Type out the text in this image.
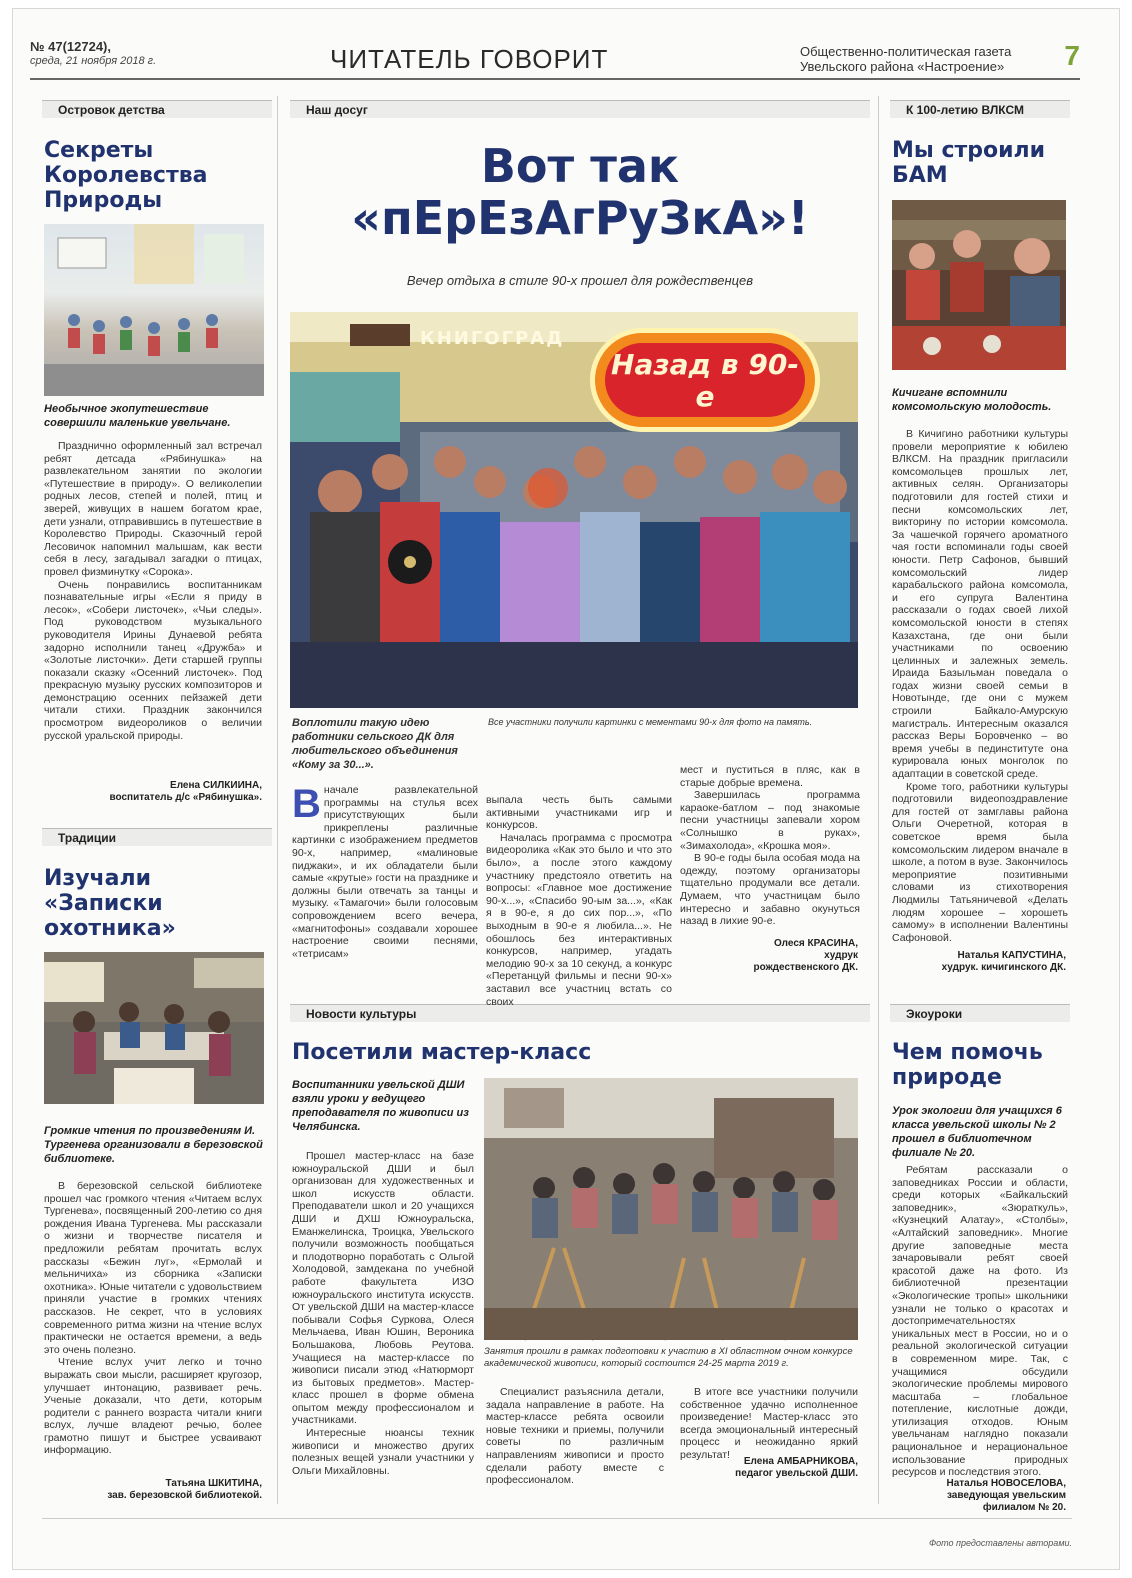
№ 47(12724),
среда, 21 ноября 2018 г.	ЧИТАТЕЛЬ ГОВОРИТ	Общественно-политическая газета
Увельского района «Настроение» 7
Островок детства	Наш досуг	К 100-летию ВЛКСМ
Традиции
Новости культуры	Экоуроки
Секреты Королевства Природы
Необычное экопутешествие совершили маленькие увельчане.

Празднично оформленный зал встречал ребят детсада «Рябинушка» на развлекательном занятии по экологии «Путешествие в природу». О великолепии родных лесов, степей и полей, птиц и зверей, живущих в нашем богатом крае, дети узнали, отправившись в путешествие в Королевство Природы. Сказочный герой Лесовичок напомнил малышам, как вести себя в лесу, загадывал загадки о птицах, провел физминутку «Сорока».

Очень понравились воспитанникам познавательные игры «Если я приду в лесок», «Собери листочек», «Чьи следы». Под руководством музыкального руководителя Ирины Дунаевой ребята задорно исполнили танец «Дружба» и «Золотые листочки». Дети старшей группы показали сказку «Осенний листочек». Под прекрасную музыку русских композиторов и демонстрацию осенних пейзажей дети читали стихи. Праздник закончился просмотром видеороликов о величии русской уральской природы.

Елена СИЛКИИНА,
воспитатель д/с «Рябинушка».
Изучали «Записки охотника»
Громкие чтения по произведениям И. Тургенева организовали в березовской библиотеке.

В березовской сельской библиотеке прошел час громкого чтения «Читаем вслух Тургенева», посвященный 200-летию со дня рождения Ивана Тургенева. Мы рассказали о жизни и творчестве писателя и предложили ребятам прочитать вслух рассказы «Бежин луг», «Ермолай и мельничиха» из сборника «Записки охотника». Юные читатели с удовольствием приняли участие в громких чтениях рассказов. Не секрет, что в условиях современного ритма жизни на чтение вслух практически не остается времени, а ведь это очень полезно.

Чтение вслух учит легко и точно выражать свои мысли, расширяет кругозор, улучшает интонацию, развивает речь. Ученые доказали, что дети, которым родители с раннего возраста читали книги вслух, лучше владеют речью, более грамотно пишут и быстрее усваивают информацию.

Татьяна ШКИТИНА,
зав. березовской библиотекой.
Вот так
«пЕрЕзАгРуЗкА»!
Вечер отдыха в стиле 90-х прошел для рождественцев
Назад в 90-е
КНИГОГРАД
Воплотили такую идею работники сельского ДК для любительского объединения «Кому за 30...».
Все участники получили картинки с мементами 90-х для фото на память.
Вначале развлекательной программы на стулья всех присутствующих были прикреплены различные картинки с изображением предметов 90-х, например, «малиновые пиджаки», и их обладатели были самые «крутые» гости на празднике и должны были отвечать за танцы и музыку. «Тамагочи» были голосовым сопровождением всего вечера, «магнитофоны» создавали хорошее настроение своими песнями, «тетрисам»

выпала честь быть самыми активными участниками игр и конкурсов.

Началась программа с просмотра видеоролика «Как это было и что это было», а после этого каждому участнику предстояло ответить на вопросы: «Главное мое достижение 90-х...», «Спасибо 90-ым за...», «Как я в 90-е, я до сих пор...», «По выходным в 90-е я любила...». Не обошлось без интерактивных конкурсов, например, угадать мелодию 90-х за 10 секунд, а конкурс «Перетанцуй фильмы и песни 90-х» заставил все участниц встать со своих

мест и пуститься в пляс, как в старые добрые времена.

Завершилась программа караоке-батлом – под знакомые песни участницы запевали хором «Солнышко в руках», «Зимахолода», «Крошка моя».

В 90-е годы была особая мода на одежду, поэтому организаторы тщательно продумали все детали. Думаем, что участницам было интересно и забавно окунуться назад в лихие 90-е.

Олеся КРАСИНА,
худрук
рождественского ДК.
Мы строили БАМ
Кичигане вспомнили комсомольскую молодость.

В Кичигино работники культуры провели мероприятие к юбилею ВЛКСМ. На праздник пригласили комсомольцев прошлых лет, активных селян. Организаторы подготовили для гостей стихи и песни комсомольских лет, викторину по истории комсомола. За чашечкой горячего ароматного чая гости вспоминали годы своей юности. Петр Сафонов, бывший комсомольский лидер карабальского района комсомола, и его супруга Валентина рассказали о годах своей лихой комсомольской юности в степях Казахстана, где они были участниками по освоению целинных и залежных земель. Ираида Базыльман поведала о годах жизни своей семьи в Новотынде, где они с мужем строили Байкало-Амурскую магистраль. Интересным оказался рассказ Веры Боровченко – во время учебы в пединституте она курировала юных монголок по адаптации в советской среде.

Кроме того, работники культуры подготовили видеопоздравление для гостей от замглавы района Ольги Очеретной, которая в советское время была комсомольским лидером вначале в школе, а потом в вузе. Закончилось мероприятие позитивными словами из стихотворения Людмилы Татьяничевой «Делать людям хорошее – хорошеть самому» в исполнении Валентины Сафоновой.

Наталья КАПУСТИНА,
худрук. кичигинского ДК.
Посетили мастер-класс
Воспитанники увельской ДШИ взяли уроки у ведущего преподавателя по живописи из Челябинска.

Прошел мастер-класс на базе южноуральской ДШИ и был организован для художественных и школ искусств области. Преподаватели школ и 20 учащихся ДШИ и ДХШ Южноуральска, Еманжелинска, Троицка, Увельского получили возможность пообщаться и плодотворно поработать с Ольгой Холодовой, замдекана по учебной работе факультета ИЗО южноуральского института искусств. От увельской ДШИ на мастер-классе побывали Софья Суркова, Олеся Мельчаева, Иван Юшин, Вероника Большакова, Любовь Реутова. Учащиеся на мастер-классе по живописи писали этюд «Натюрморт из бытовых предметов». Мастер-класс прошел в форме обмена опытом между профессионалом и участниками.

Интересные нюансы техник живописи и множество других полезных вещей узнали участники у Ольги Михайловны.

Занятия прошли в рамках подготовки к участию в XI областном очном конкурсе академической живописи, который состоится 24-25 марта 2019 г.

Специалист разъяснила детали, задала направление в работе. На мастер-классе ребята освоили новые техники и приемы, получили советы по различным направлениям живописи и просто сделали работу вместе с профессионалом.

В итоге все участники получили собственное удачно исполненное произведение! Мастер-класс это всегда эмоциональный интересный процесс и неожиданно яркий результат!

Елена АМБАРНИКОВА,
педагог увельской ДШИ.
Чем помочь природе
Урок экологии для учащихся 6 класса увельской школы № 2 прошел в библиотечном филиале № 20.

Ребятам рассказали о заповедниках России и области, среди которых «Байкальский заповедник», «Зюраткуль», «Кузнецкий Алатау», «Столбы», «Алтайский заповедник». Многие другие заповедные места зачаровывали ребят своей красотой даже на фото. Из библиотечной презентации «Экологические тропы» школьники узнали не только о красотах и достопримечательностях уникальных мест в России, но и о реальной экологической ситуации в современном мире. Так, с учащимися обсудили экологические проблемы мирового масштаба – глобальное потепление, кислотные дожди, утилизация отходов. Юным увельчанам наглядно показали рациональное и нерациональное использование природных ресурсов и последствия этого.

Наталья НОВОСЕЛОВА,
заведующая увельским филиалом № 20.
Фото предоставлены авторами.
